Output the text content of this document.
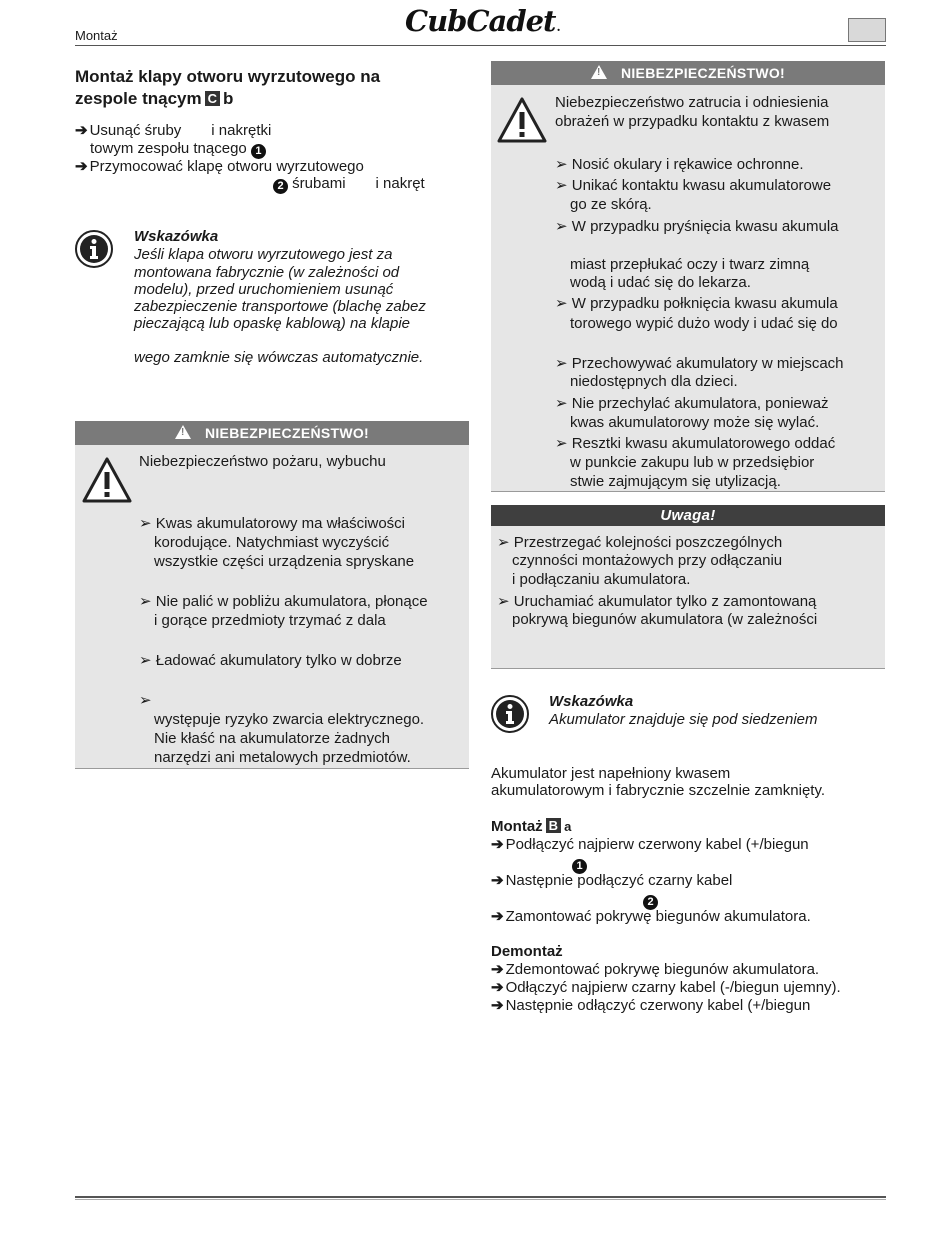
Montaż	CubCadet.
Montaż klapy otworu wyrzutowego na
zespole tnącym C b
➔ Usunąć śruby i nakrętki
towym zespołu tnącego 1
➔ Przymocować klapę otworu wyrzutowego
2 śrubami i nakręt
Wskazówka
Jeśli klapa otworu wyrzutowego jest za
montowana fabrycznie (w zależności od
modelu), przed uruchomieniem usunąć
zabezpieczenie transportowe (blachę zabez
pieczającą lub opaskę kablową) na klapie
wego zamknie się wówczas automatycznie.
!NIEBEZPIECZEŃSTWO!
Niebezpieczeństwo pożaru, wybuchu
➢ Kwas akumulatorowy ma właściwości
korodujące. Natychmiast wyczyścić
wszystkie części urządzenia spryskane
➢ Nie palić w pobliżu akumulatora, płonące
i gorące przedmioty trzymać z dala
➢ Ładować akumulatory tylko w dobrze
➢
występuje ryzyko zwarcia elektrycznego.
Nie kłaść na akumulatorze żadnych
narzędzi ani metalowych przedmiotów.
!NIEBEZPIECZEŃSTWO!
Niebezpieczeństwo zatrucia i odniesienia
obrażeń w przypadku kontaktu z kwasem
➢ Nosić okulary i rękawice ochronne.
➢ Unikać kontaktu kwasu akumulatorowe
go ze skórą.
➢ W przypadku pryśnięcia kwasu akumula
miast przepłukać oczy i twarz zimną
wodą i udać się do lekarza.
➢ W przypadku połknięcia kwasu akumula
torowego wypić dużo wody i udać się do
➢ Przechowywać akumulatory w miejscach
niedostępnych dla dzieci.
➢ Nie przechylać akumulatora, ponieważ
kwas akumulatorowy może się wylać.
➢ Resztki kwasu akumulatorowego oddać
w punkcie zakupu lub w przedsiębior
stwie zajmującym się utylizacją.
Uwaga!
➢ Przestrzegać kolejności poszczególnych
czynności montażowych przy odłączaniu
i podłączaniu akumulatora.
➢ Uruchamiać akumulator tylko z zamontowaną
pokrywą biegunów akumulatora (w zależności
Wskazówka
Akumulator znajduje się pod siedzeniem
Akumulator jest napełniony kwasem
akumulatorowym i fabrycznie szczelnie zamknięty.
Montaż B a
➔ Podłączyć najpierw czerwony kabel (+/biegun
1
➔ Następnie podłączyć czarny kabel
2
➔ Zamontować pokrywę biegunów akumulatora.
Demontaż
➔ Zdemontować pokrywę biegunów akumulatora.
➔ Odłączyć najpierw czarny kabel (-/biegun ujemny).
➔ Następnie odłączyć czerwony kabel (+/biegun
